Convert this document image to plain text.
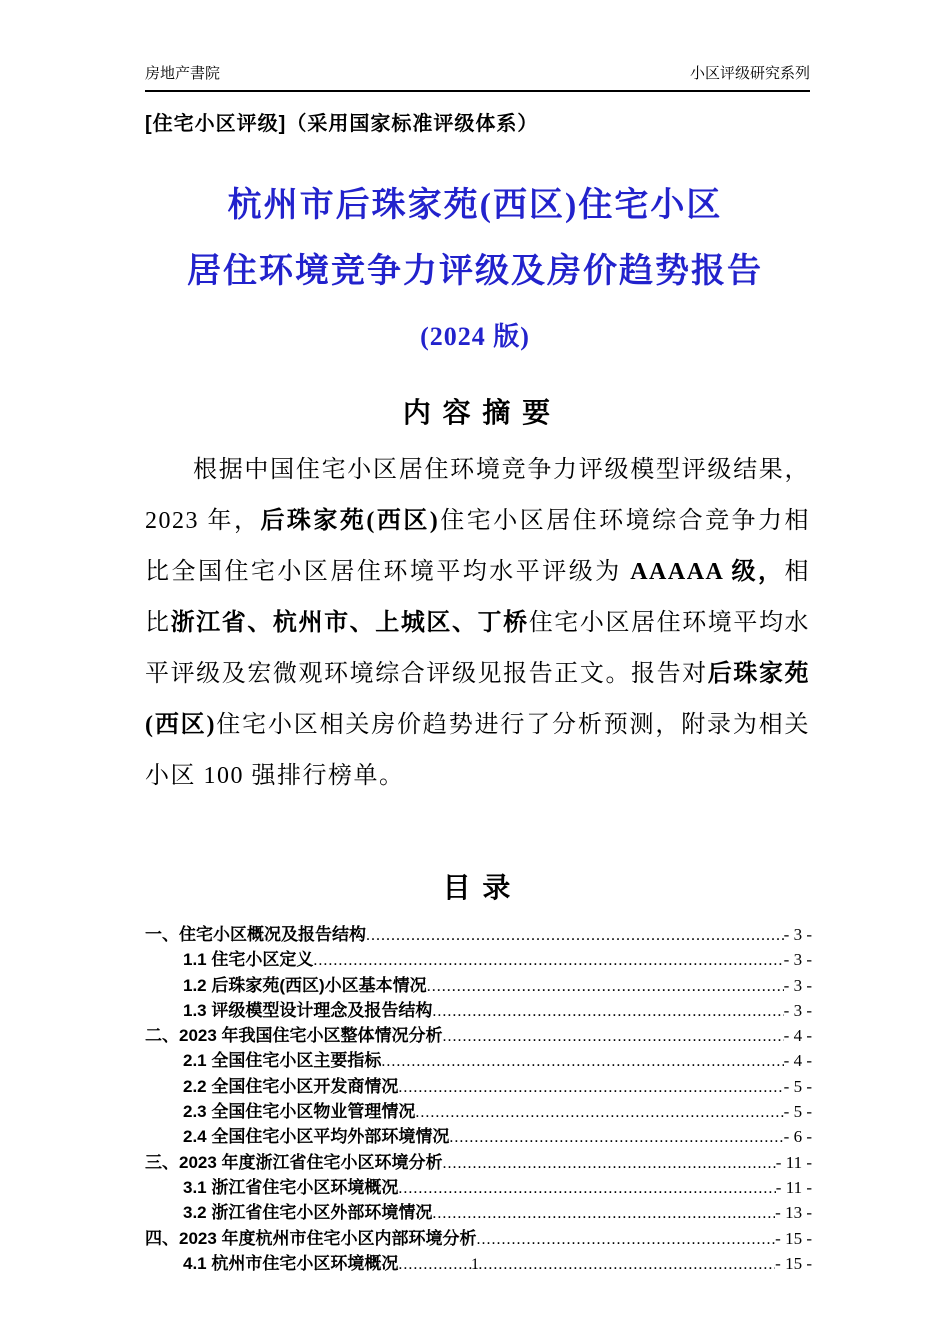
房地产書院	小区评级研究系列
[住宅小区评级]（采用国家标准评级体系）
杭州市后珠家苑(西区)住宅小区
居住环境竞争力评级及房价趋势报告
(2024 版)
内 容 摘 要

根据中国住宅小区居住环境竞争力评级模型评级结果，2023 年，后珠家苑(西区)住宅小区居住环境综合竞争力相比全国住宅小区居住环境平均水平评级为 AAAAA 级，相比浙江省、杭州市、上城区、丁桥住宅小区居住环境平均水平评级及宏微观环境综合评级见报告正文。报告对后珠家苑(西区)住宅小区相关房价趋势进行了分析预测，附录为相关小区 100 强排行榜单。

目 录
一、住宅小区概况及报告结构 .....	- 3 -
1.1 住宅小区定义 .....	- 3 -
1.2 后珠家苑(西区)小区基本情况 .....	- 3 -
1.3 评级模型设计理念及报告结构 .....	- 3 -
二、2023 年我国住宅小区整体情况分析 .....	- 4 -
2.1 全国住宅小区主要指标 .....	- 4 -
2.2 全国住宅小区开发商情况 .....	- 5 -
2.3 全国住宅小区物业管理情况 .....	- 5 -
2.4 全国住宅小区平均外部环境情况 .....	- 6 -
三、2023 年度浙江省住宅小区环境分析 .....	- 11 -
3.1 浙江省住宅小区环境概况 .....	- 11 -
3.2 浙江省住宅小区外部环境情况 .....	- 13 -
四、2023 年度杭州市住宅小区内部环境分析 .....	- 15 -
4.1 杭州市住宅小区环境概况 .....	- 15 -
1
